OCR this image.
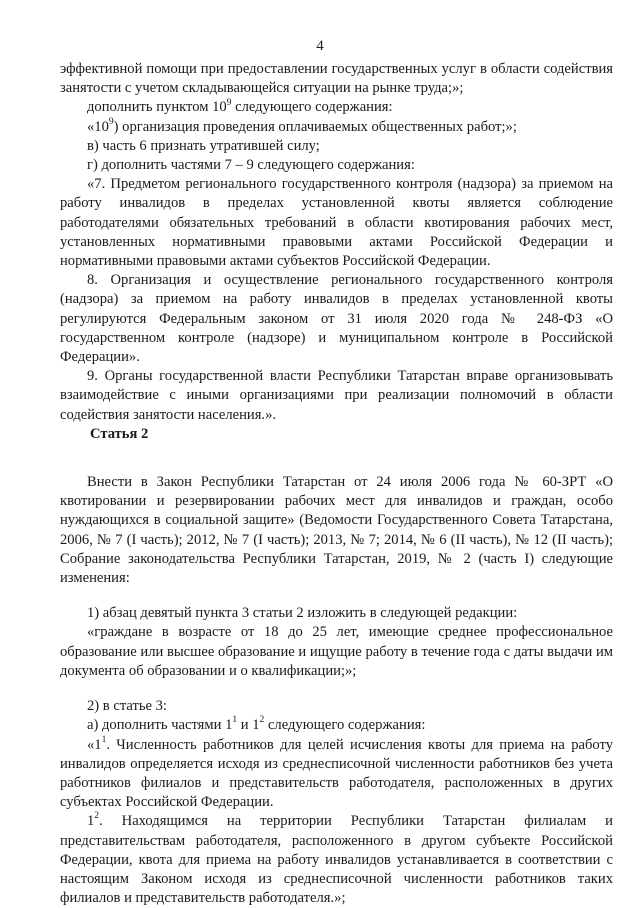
4

эффективной помощи при предоставлении государственных услуг в области содействия занятости с учетом складывающейся ситуации на рынке труда;»;

дополнить пунктом $10^9$ следующего содержания:

«$10^9$) организация проведения оплачиваемых общественных работ;»;

в) часть 6 признать утратившей силу;

г) дополнить частями 7 – 9 следующего содержания:

«7. Предметом регионального государственного контроля (надзора) за приемом на работу инвалидов в пределах установленной квоты является соблюдение работодателями обязательных требований в области квотирования рабочих мест, установленных нормативными правовыми актами Российской Федерации и нормативными правовыми актами субъектов Российской Федерации.

8. Организация и осуществление регионального государственного контроля (надзора) за приемом на работу инвалидов в пределах установленной квоты регулируются Федеральным законом от 31 июля 2020 года № 248-ФЗ «О государственном контроле (надзоре) и муниципальном контроле в Российской Федерации».

9. Органы государственной власти Республики Татарстан вправе организовывать взаимодействие с иными организациями при реализации полномочий в области содействия занятости населения.».

Статья 2

Внести в Закон Республики Татарстан от 24 июля 2006 года № 60-ЗРТ «О квотировании и резервировании рабочих мест для инвалидов и граждан, особо нуждающихся в социальной защите» (Ведомости Государственного Совета Татарстана, 2006, № 7 (I часть); 2012, № 7 (I часть); 2013, № 7; 2014, № 6 (II часть), № 12 (II часть); Собрание законодательства Республики Татарстан, 2019, № 2 (часть I) следующие изменения:

1) абзац девятый пункта 3 статьи 2 изложить в следующей редакции:

«граждане в возрасте от 18 до 25 лет, имеющие среднее профессиональное образование или высшее образование и ищущие работу в течение года с даты выдачи им документа об образовании и о квалификации;»;

2) в статье 3:

а) дополнить частями $1^1$ и $1^2$ следующего содержания:

«$1^1$. Численность работников для целей исчисления квоты для приема на работу инвалидов определяется исходя из среднесписочной численности работников без учета работников филиалов и представительств работодателя, расположенных в других субъектах Российской Федерации.

$1^2$. Находящимся на территории Республики Татарстан филиалам и представительствам работодателя, расположенного в другом субъекте Российской Федерации, квота для приема на работу инвалидов устанавливается в соответствии с настоящим Законом исходя из среднесписочной численности работников таких филиалов и представительств работодателя.»;
